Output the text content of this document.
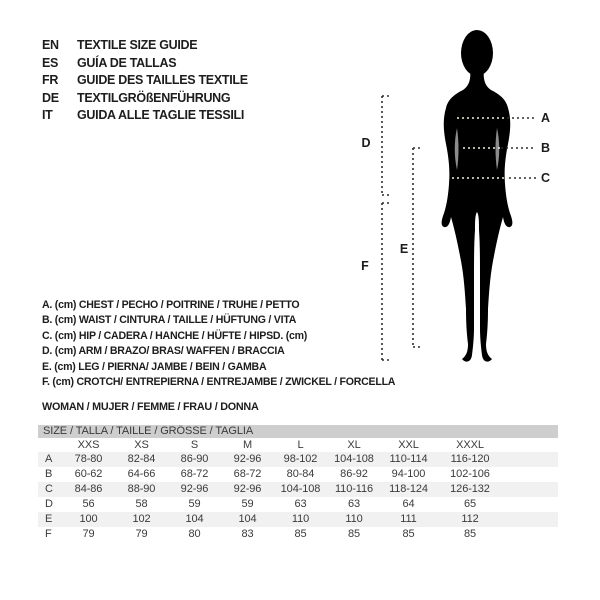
EN	TEXTILE SIZE GUIDE
ES	GUÍA DE TALLAS
FR	GUIDE DES TAILLES TEXTILE
DE	TEXTILGRÖßENFÜHRUNG
IT	GUIDA ALLE TAGLIE TESSILI	A
B
C
D
E
F
A. (cm) CHEST / PECHO / POITRINE / TRUHE / PETTO
B. (cm) WAIST / CINTURA / TAILLE / HÜFTUNG / VITA
C. (cm) HIP / CADERA / HANCHE / HÜFTE / HIPSD. (cm)
D. (cm) ARM / BRAZO/ BRAS/ WAFFEN / BRACCIA
E. (cm) LEG / PIERNA/ JAMBE / BEIN / GAMBA
F. (cm) CROTCH/ ENTREPIERNA / ENTREJAMBE / ZWICKEL / FORCELLA
WOMAN / MUJER / FEMME / FRAU / DONNA
SIZE / TALLA / TAILLE / GRÖSSE / TAGLIA									
	XXS	XS	S	M	L	XL	XXL	XXXL	
A	78-80	82-84	86-90	92-96	98-102	104-108	110-114	116-120	
B	60-62	64-66	68-72	68-72	80-84	86-92	94-100	102-106	
C	84-86	88-90	92-96	92-96	104-108	110-116	118-124	126-132	
D	56	58	59	59	63	63	64	65	
E	100	102	104	104	110	110	111	112	
F	79	79	80	83	85	85	85	85	
